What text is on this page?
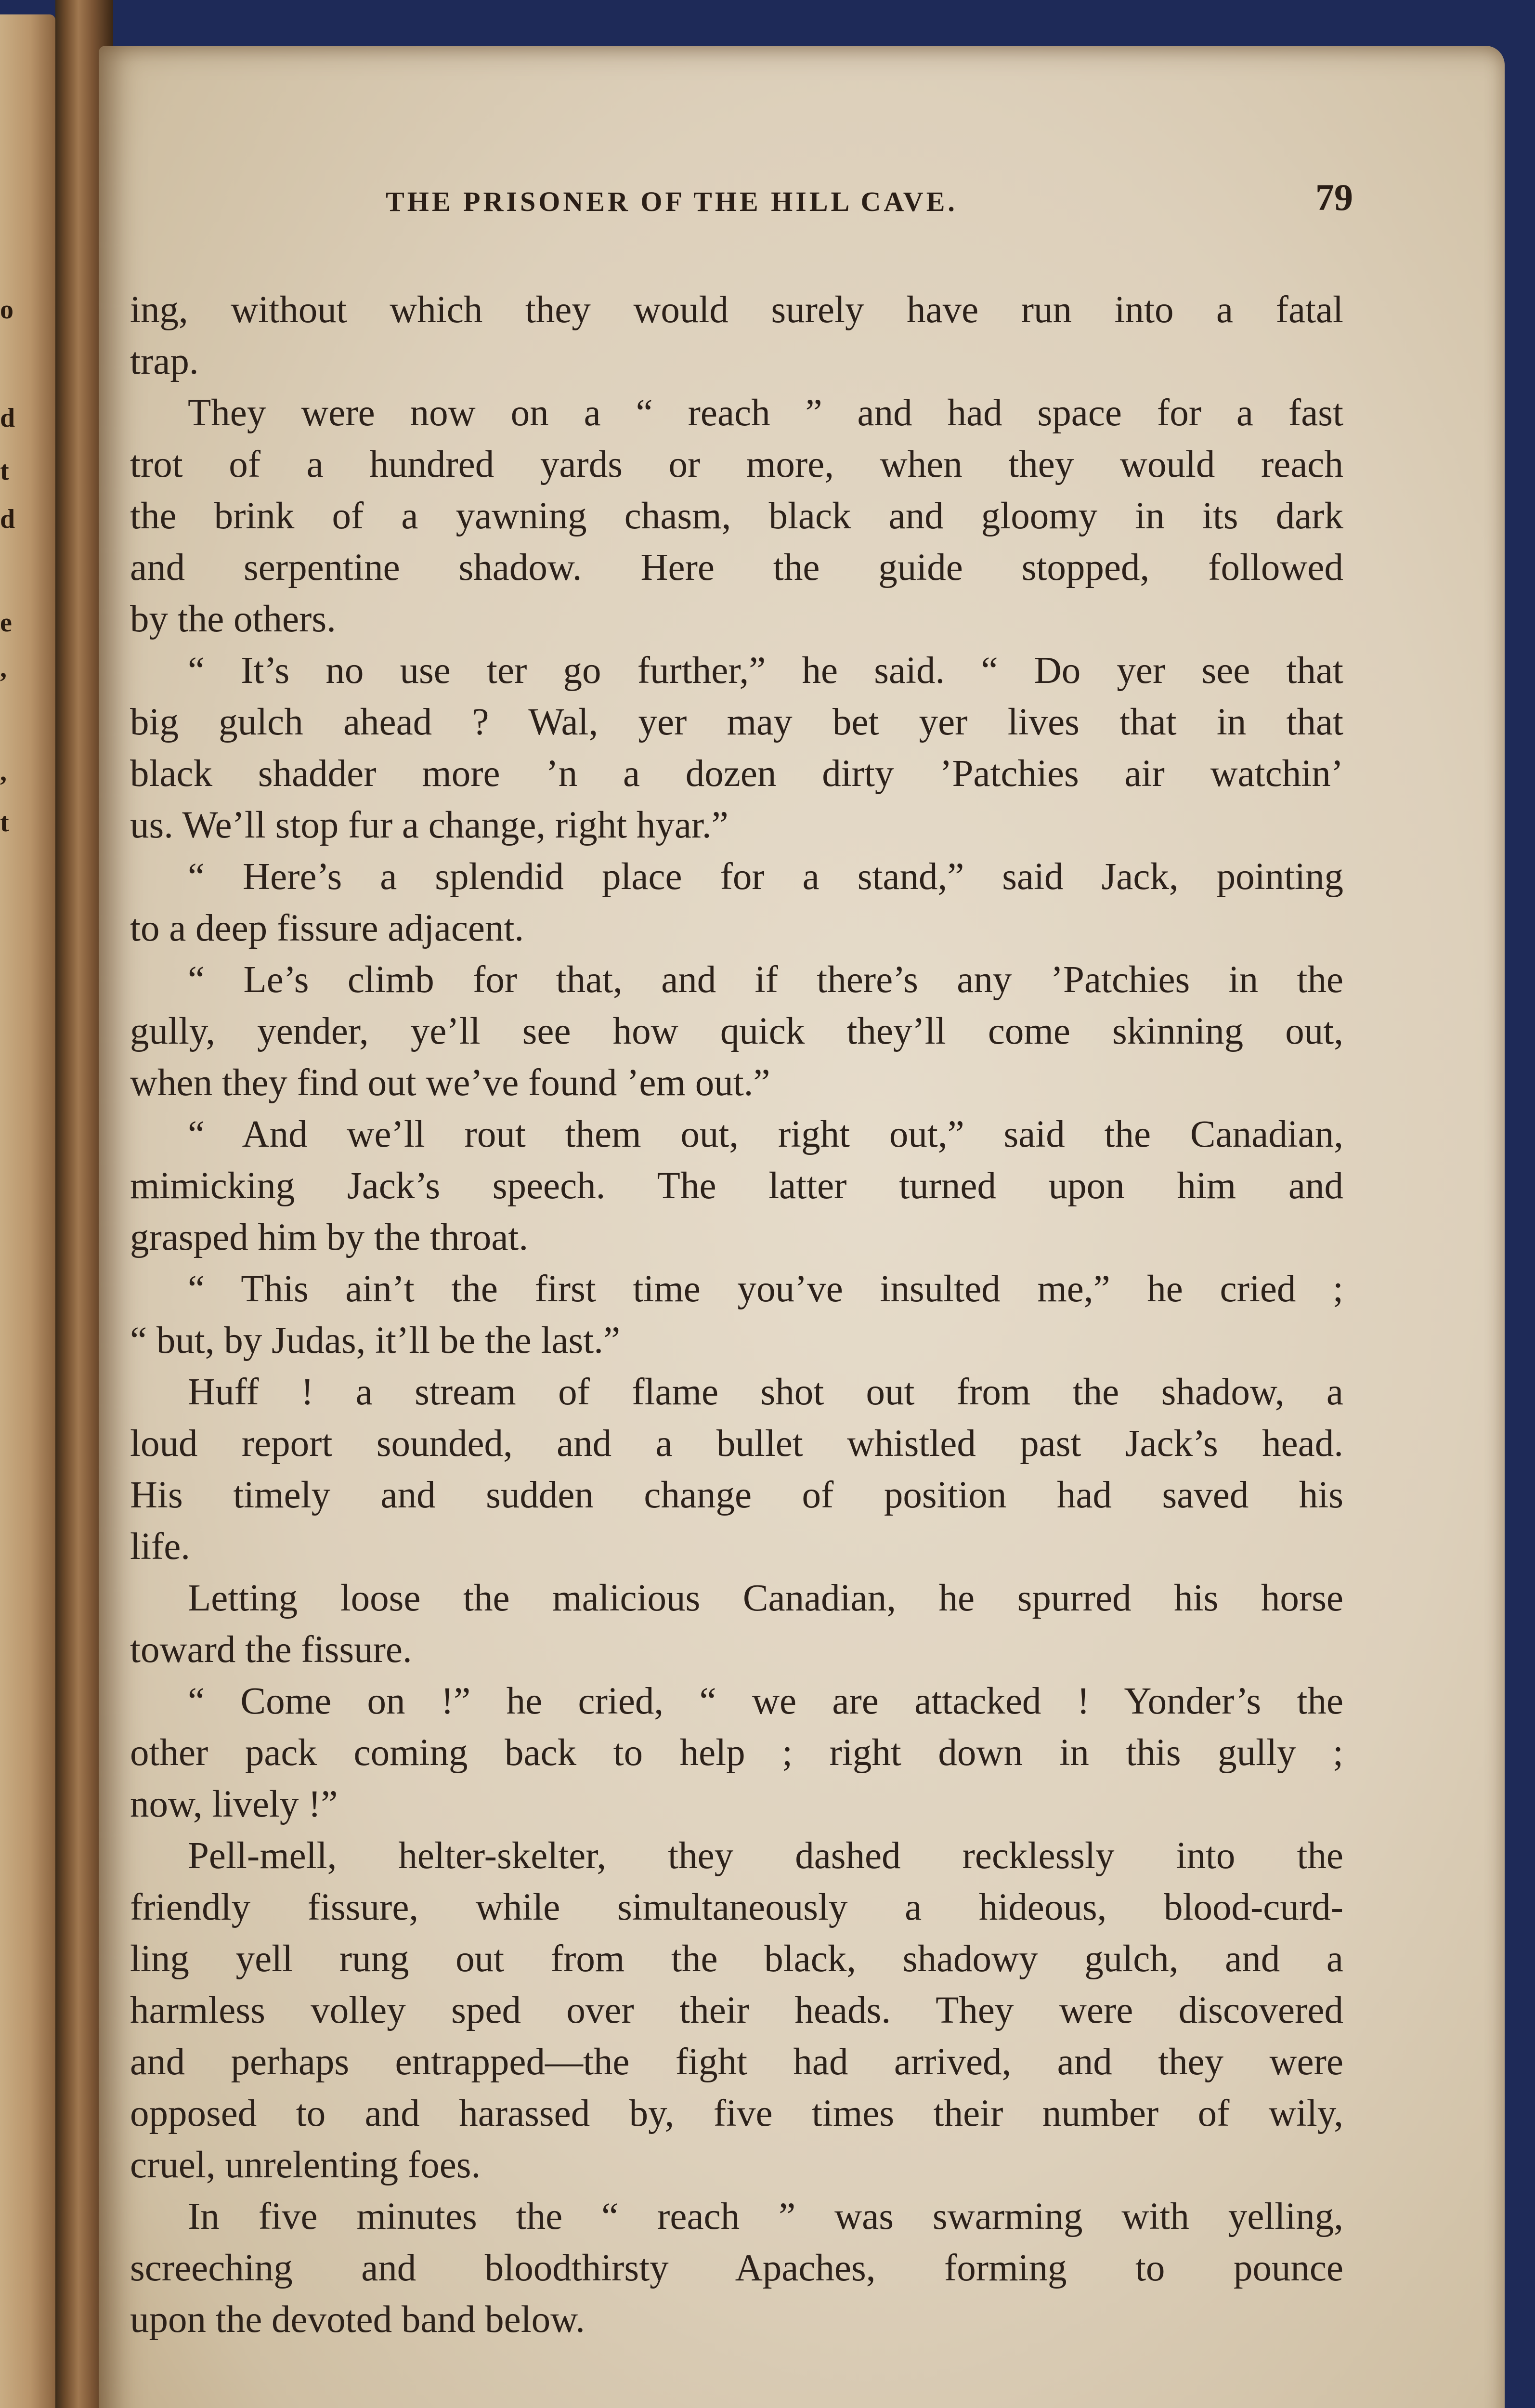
o
d
t
d
e
,
,
t
THE PRISONER OF THE HILL CAVE.	79
ing, without which they would surely have run into a fatal
trap.
They were now on a “ reach ” and had space for a fast
trot of a hundred yards or more, when they would reach
the brink of a yawning chasm, black and gloomy in its dark
and serpentine shadow. Here the guide stopped, followed
by the others.
“ It’s no use ter go further,” he said. “ Do yer see that
big gulch ahead ? Wal, yer may bet yer lives that in that
black shadder more ’n a dozen dirty ’Patchies air watchin’
us. We’ll stop fur a change, right hyar.”
“ Here’s a splendid place for a stand,” said Jack, pointing
to a deep fissure adjacent.
“ Le’s climb for that, and if there’s any ’Patchies in the
gully, yender, ye’ll see how quick they’ll come skinning out,
when they find out we’ve found ’em out.”
“ And we’ll rout them out, right out,” said the Canadian,
mimicking Jack’s speech. The latter turned upon him and
grasped him by the throat.
“ This ain’t the first time you’ve insulted me,” he cried ;
“ but, by Judas, it’ll be the last.”
Huff ! a stream of flame shot out from the shadow, a
loud report sounded, and a bullet whistled past Jack’s head.
His timely and sudden change of position had saved his
life.
Letting loose the malicious Canadian, he spurred his horse
toward the fissure.
“ Come on !” he cried, “ we are attacked ! Yonder’s the
other pack coming back to help ; right down in this gully ;
now, lively !”
Pell-mell, helter-skelter, they dashed recklessly into the
friendly fissure, while simultaneously a hideous, blood-curd-
ling yell rung out from the black, shadowy gulch, and a
harmless volley sped over their heads. They were discovered
and perhaps entrapped—the fight had arrived, and they were
opposed to and harassed by, five times their number of wily,
cruel, unrelenting foes.
In five minutes the “ reach ” was swarming with yelling,
screeching and bloodthirsty Apaches, forming to pounce
upon the devoted band below.
